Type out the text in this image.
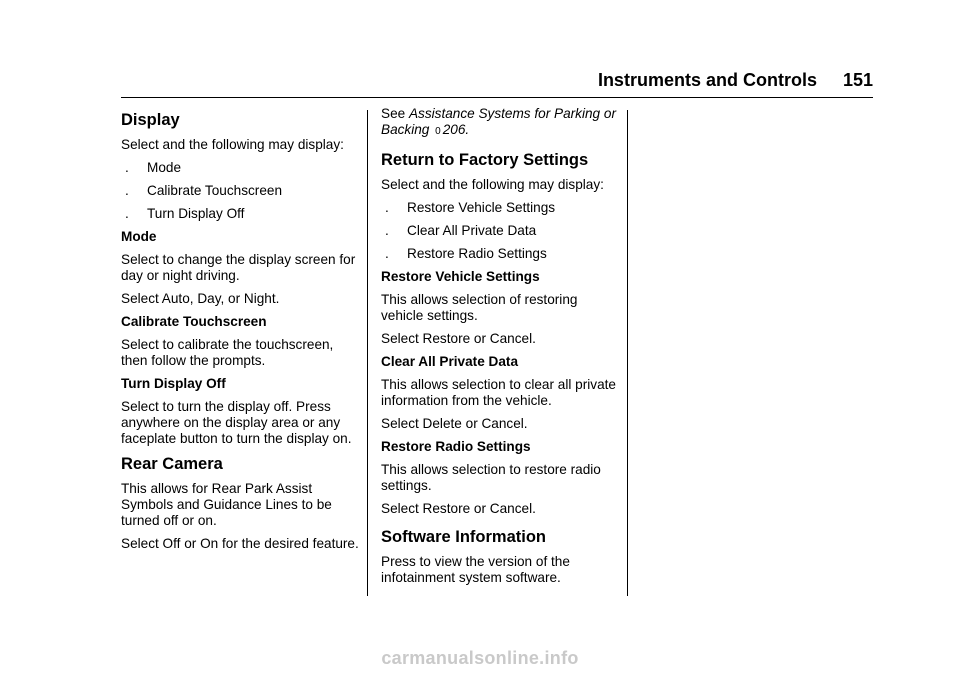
Instruments and Controls 151
Display

Select and the following may display:

.	Mode
.	Calibrate Touchscreen
.	Turn Display Off
Mode

Select to change the display screen for day or night driving.

Select Auto, Day, or Night.

Calibrate Touchscreen

Select to calibrate the touchscreen, then follow the prompts.

Turn Display Off

Select to turn the display off. Press anywhere on the display area or any faceplate button to turn the display on.

Rear Camera

This allows for Rear Park Assist Symbols and Guidance Lines to be turned off or on.

Select Off or On for the desired feature.

See Assistance Systems for Parking or Backing 0 206.

Return to Factory Settings

Select and the following may display:

.	Restore Vehicle Settings
.	Clear All Private Data
.	Restore Radio Settings
Restore Vehicle Settings

This allows selection of restoring vehicle settings.

Select Restore or Cancel.

Clear All Private Data

This allows selection to clear all private information from the vehicle.

Select Delete or Cancel.

Restore Radio Settings

This allows selection to restore radio settings.

Select Restore or Cancel.

Software Information

Press to view the version of the infotainment system software.

carmanualsonline.info
